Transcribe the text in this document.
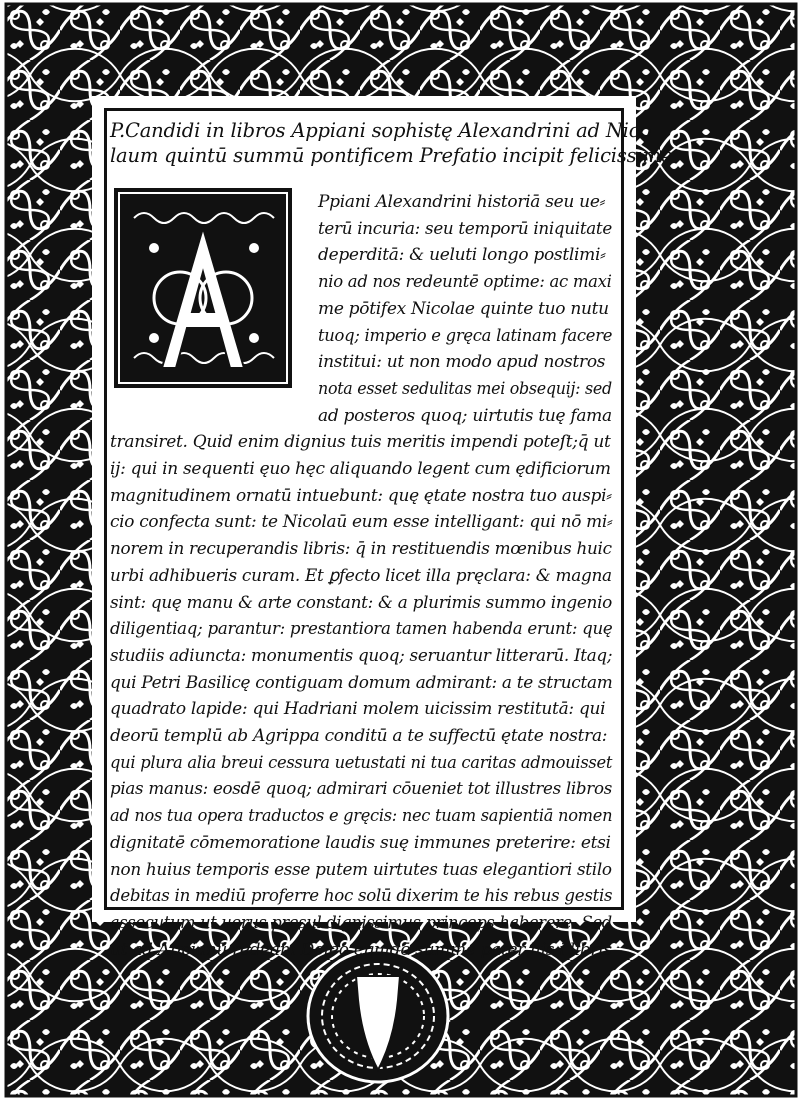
P.Candidi in libros Appiani sophistę Alexandrini ad Nico
laum quintū summū pontificem Prefatio incipit felicissime.
A	Ppiani Alexandrini historiā seu ue⸗
terū incuria: seu temporū iniquitate
deperditā: & ueluti longo postlimi⸗
nio ad nos redeuntē optime: ac maxi
me pōtifex Nicolae quinte tuo nutu
tuoq; imperio e gręca latinam facere
institui: ut non modo apud nostros
nota esset sedulitas mei obsequij: sed
ad posteros quoq; uirtutis tuę fama
transiret. Quid enim dignius tuis meritis impendi poteſt;q̄ ut
ij: qui in sequenti ęuo hęc aliquando legent cum ędificiorum
magnitudinem ornatū intuebunt: quę ętate nostra tuo auspi⸗
cio confecta sunt: te Nicolaū eum esse intelligant: qui nō mi⸗
norem in recuperandis libris: q̄ in restituendis mœnibus huic
urbi adhibueris curam. Et ꝑfecto licet illa pręclara: & magna
sint: quę manu & arte constant: & a plurimis summo ingenio
diligentiaq; parantur: prestantiora tamen habenda erunt: quę
studiis adiuncta: monumentis quoq; seruantur litterarū. Itaq;
qui Petri Basilicę contiguam domum admirant: a te structam
quadrato lapide: qui Hadriani molem uicissim restitutā: qui
deorū templū ab Agrippa conditū a te suffectū ętate nostra:
qui plura alia breui cessura uetustati ni tua caritas admouisset
pias manus: eosdē quoq; admirari cōueniet tot illustres libros
ad nos tua opera traductos e gręcis: nec tuam sapientiā nomen
dignitatē cōmemoratione laudis suę immunes preterire: etsi
non huius temporis esse putem uirtutes tuas elegantiori stilo
debitas in mediū proferre hoc solū dixerim te his rebus gestis
assecutum ut uerus pręsul dignissimus princeps haberere. Sed
ut ad Appianū redeam Doleo equidē summe pater his i libris
